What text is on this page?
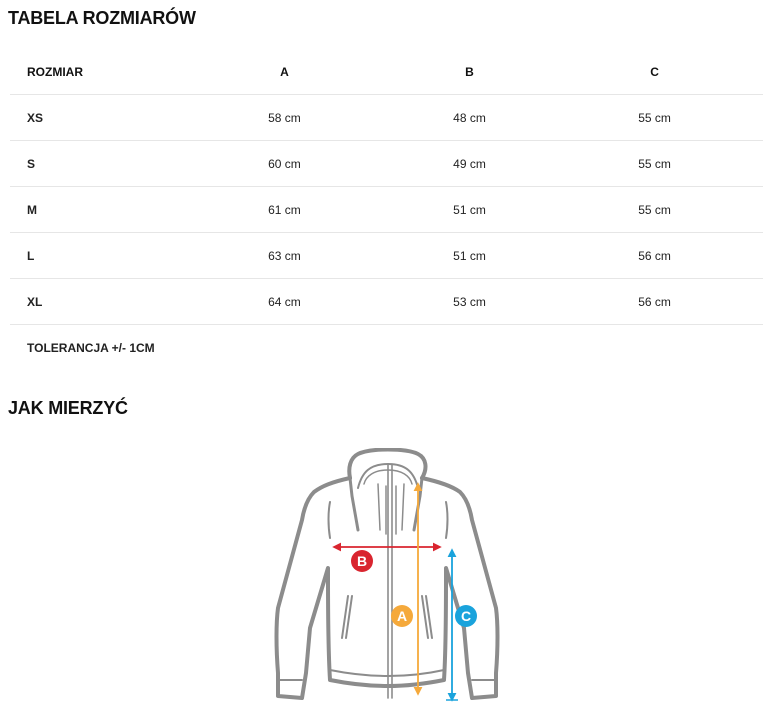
TABELA ROZMIARÓW
ROZMIAR	A	B	C
XS	58 cm	48 cm	55 cm
S	60 cm	49 cm	55 cm
M	61 cm	51 cm	55 cm
L	63 cm	51 cm	56 cm
XL	64 cm	53 cm	56 cm
TOLERANCJA +/- 1CM			
JAK MIERZYĆ
B
A	C
